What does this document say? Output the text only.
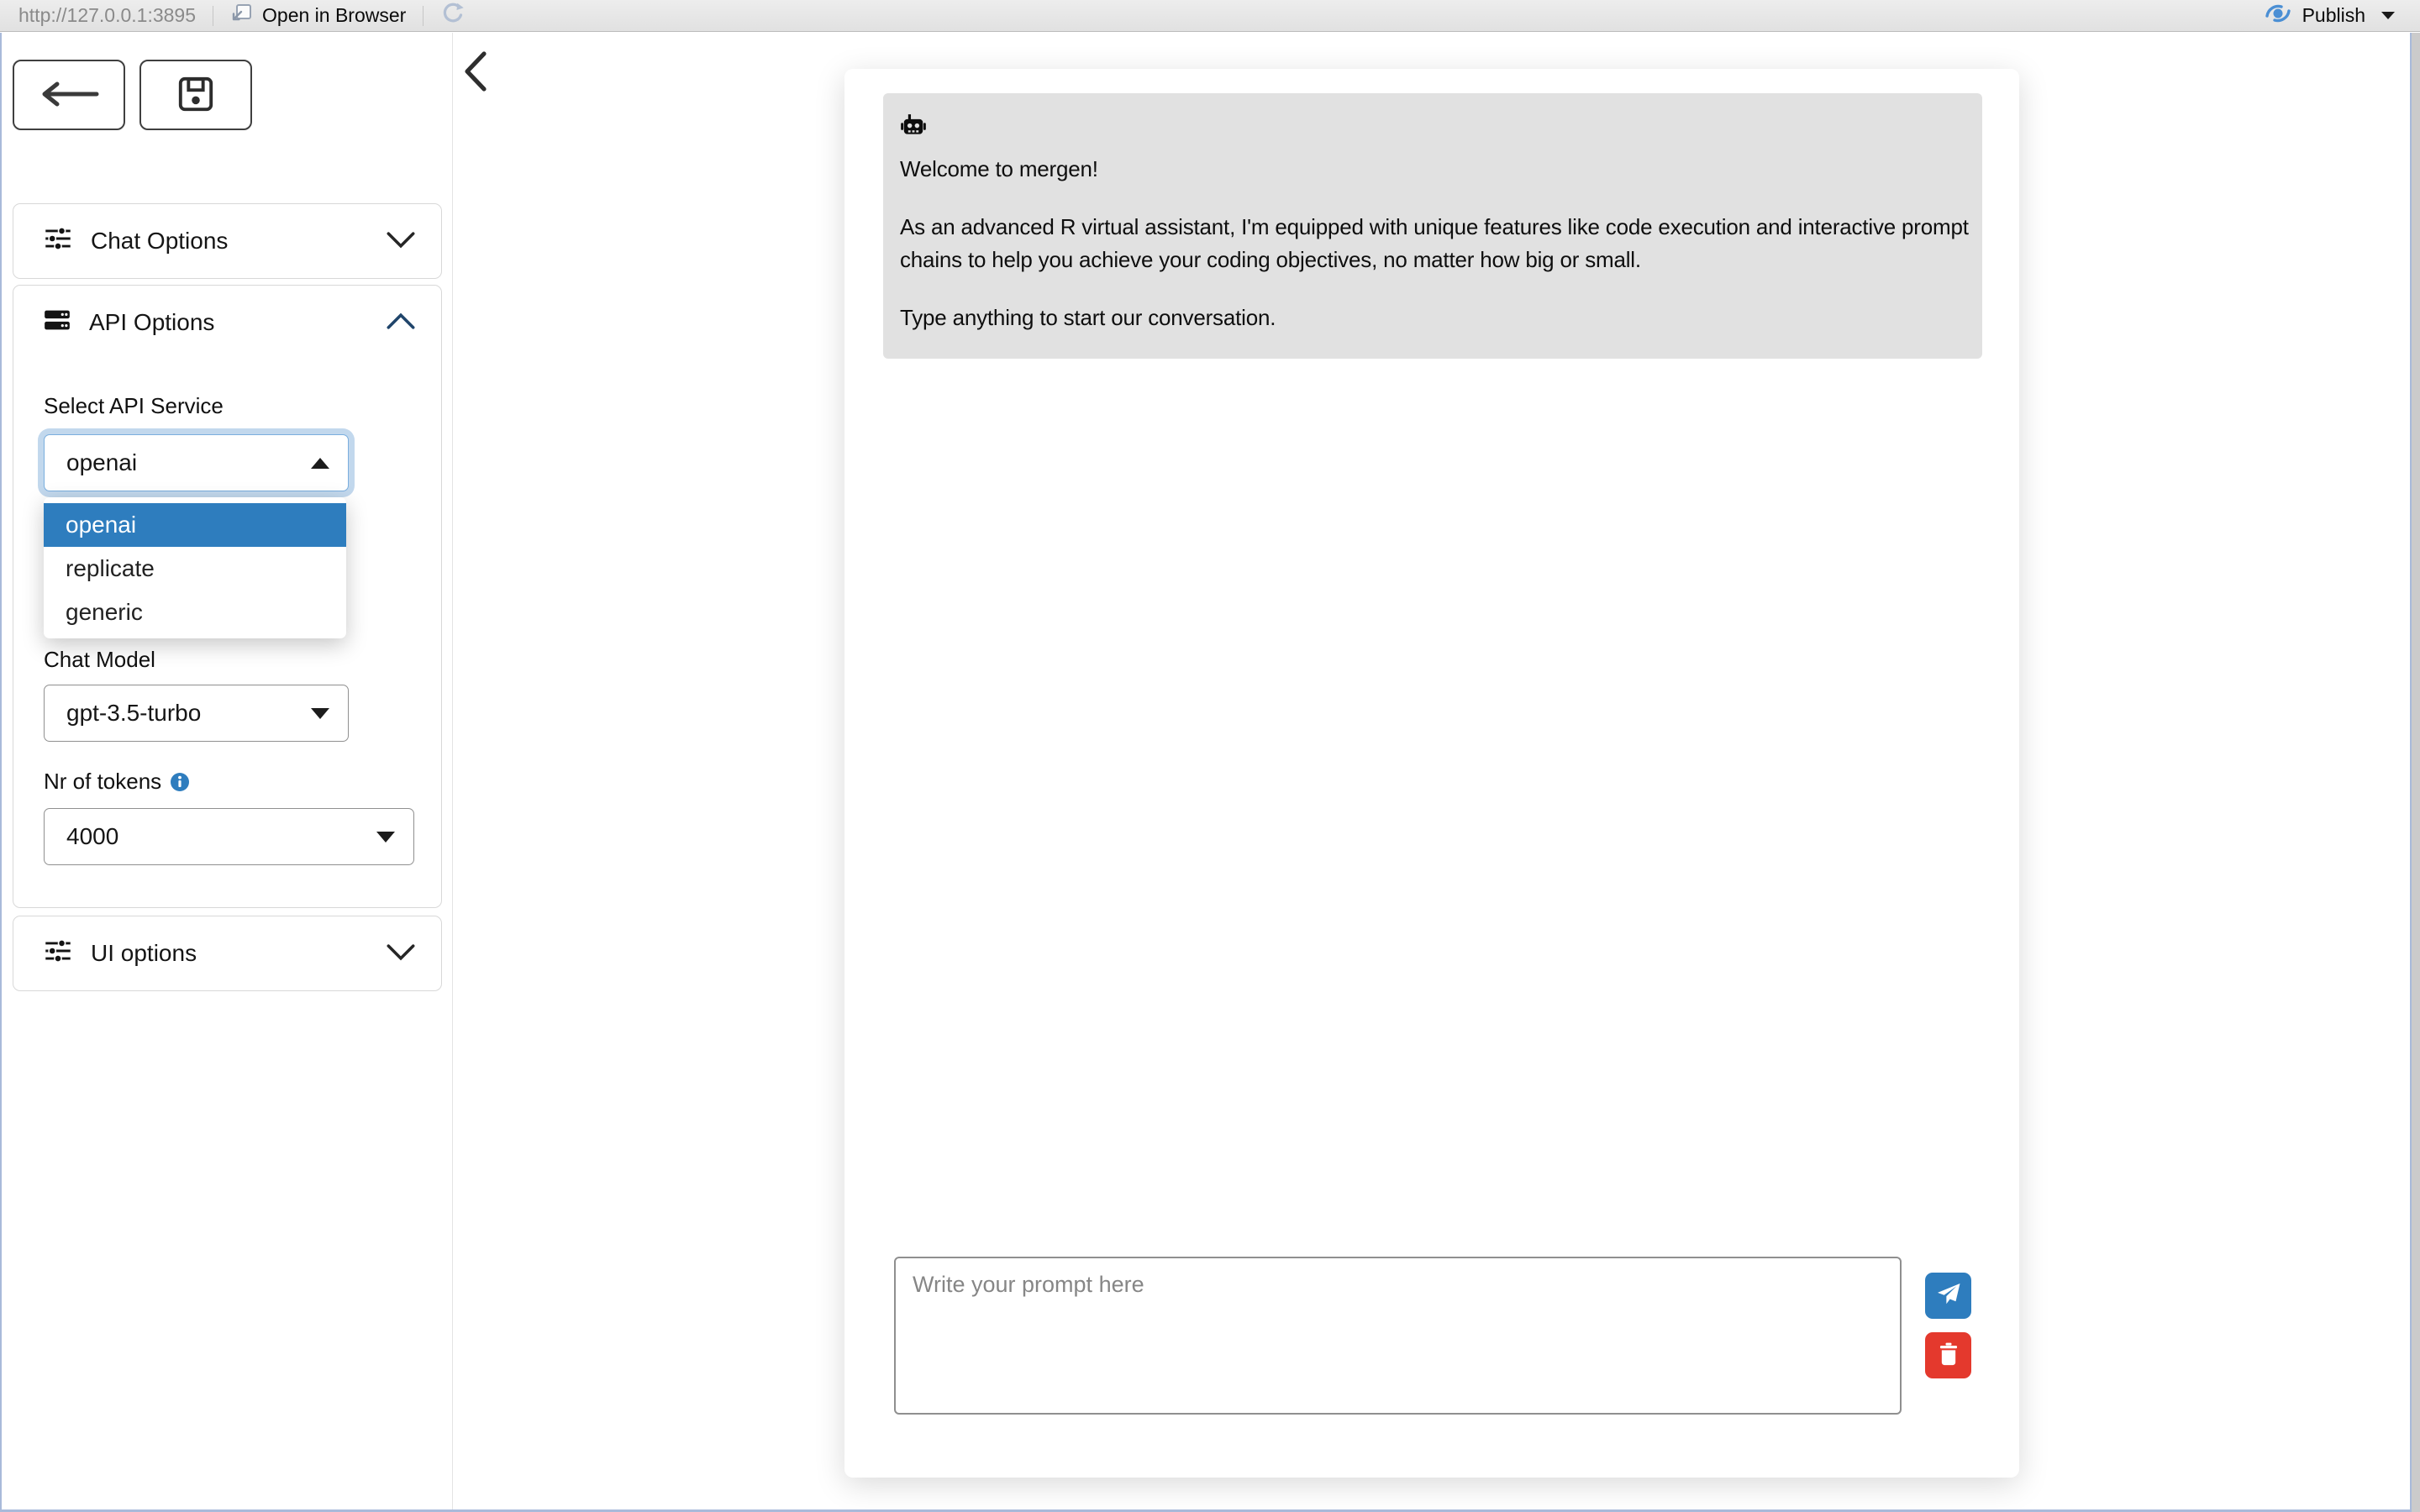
http://127.0.0.1:3895	Open in Browser	Publish
Chat Options
API Options
Select API Service
openai
openai
replicate
generic
Chat Model
gpt-3.5-turbo
Nr of tokens
4000
UI options

Welcome to mergen!

As an advanced R virtual assistant, I'm equipped with unique features like code execution and interactive prompt chains to help you achieve your coding objectives, no matter how big or small.

Type anything to start our conversation.

Write your prompt here
